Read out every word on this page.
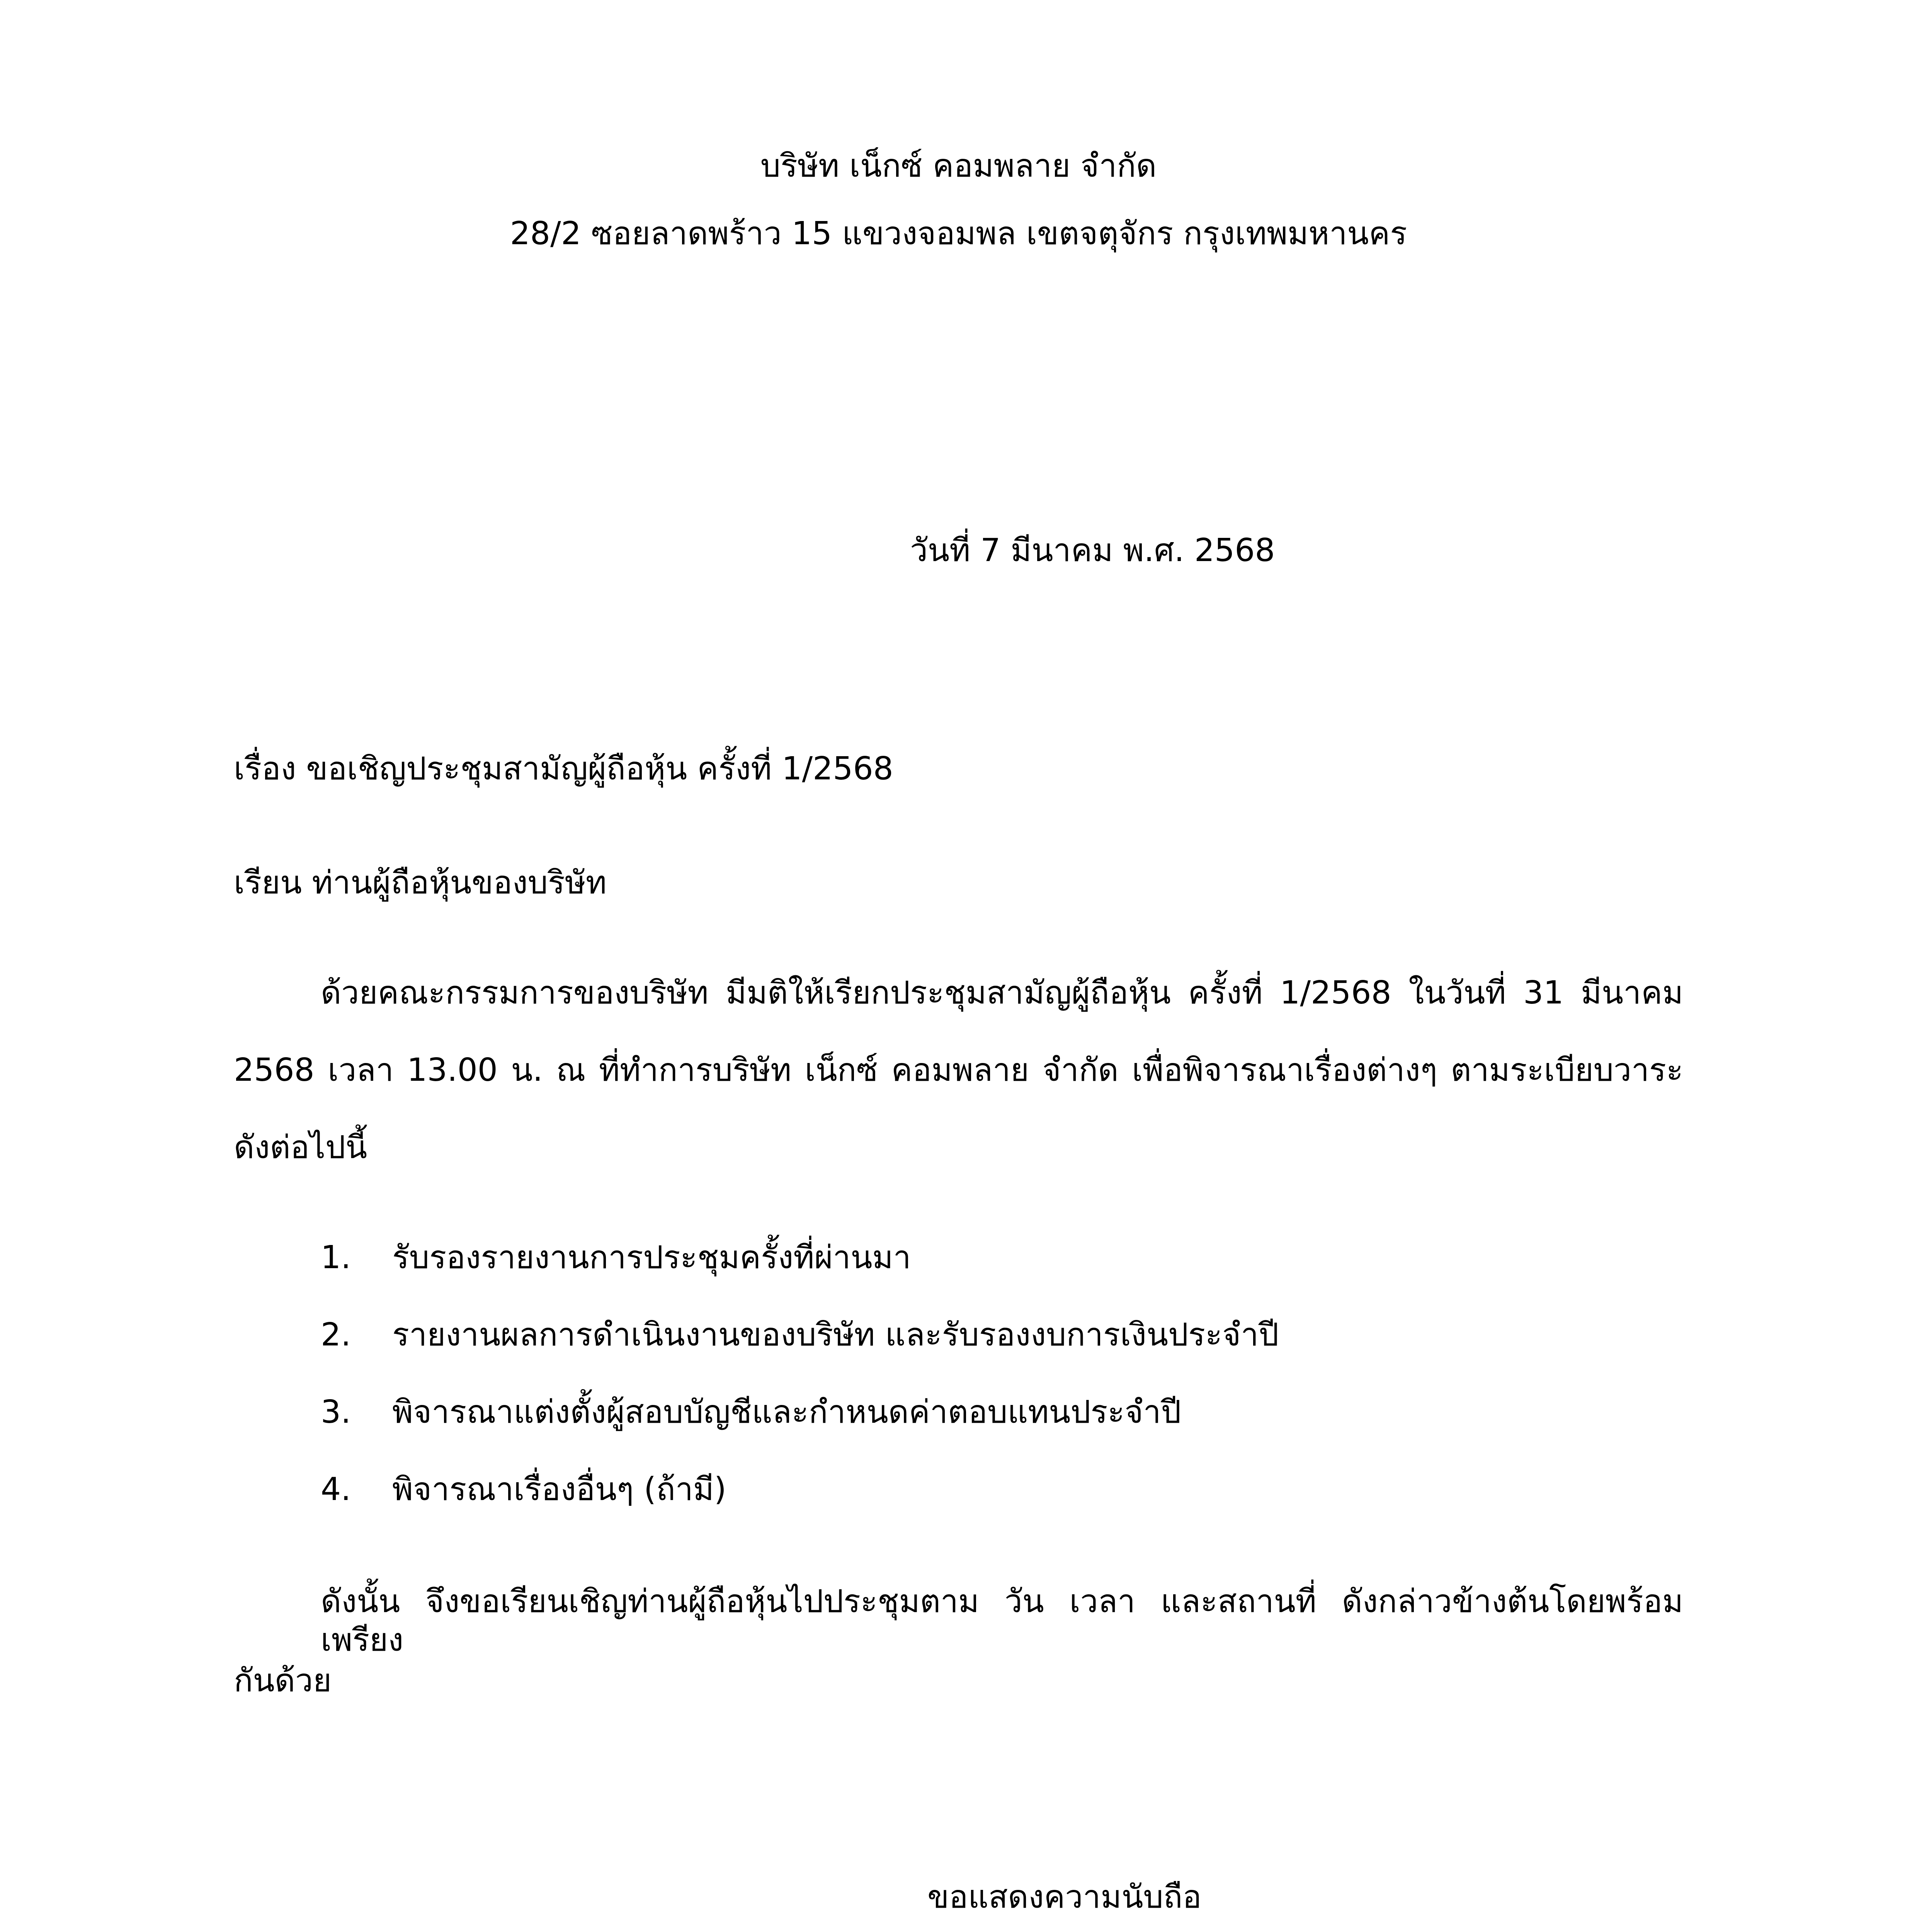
บริษัท เน็กซ์ คอมพลาย จำกัด
28/2 ซอยลาดพร้าว 15 แขวงจอมพล เขตจตุจักร กรุงเทพมหานคร
วันที่ 7 มีนาคม พ.ศ. 2568
เรื่อง ขอเชิญประชุมสามัญผู้ถือหุ้น ครั้งที่ 1/2568
เรียน ท่านผู้ถือหุ้นของบริษัท
ด้วยคณะกรรมการของบริษัท มีมติให้เรียกประชุมสามัญผู้ถือหุ้น ครั้งที่ 1/2568 ในวันที่ 31 มีนาคม
2568 เวลา 13.00 น. ณ ที่ทำการบริษัท เน็กซ์ คอมพลาย จำกัด เพื่อพิจารณาเรื่องต่างๆ ตามระเบียบวาระ
ดังต่อไปนี้
1. รับรองรายงานการประชุมครั้งที่ผ่านมา
2. รายงานผลการดำเนินงานของบริษัท และรับรองงบการเงินประจำปี
3. พิจารณาแต่งตั้งผู้สอบบัญชีและกำหนดค่าตอบแทนประจำปี
4. พิจารณาเรื่องอื่นๆ (ถ้ามี)
ดังนั้น จึงขอเรียนเชิญท่านผู้ถือหุ้นไปประชุมตาม วัน เวลา และสถานที่ ดังกล่าวข้างต้นโดยพร้อมเพรียง
กันด้วย
ขอแสดงความนับถือ
